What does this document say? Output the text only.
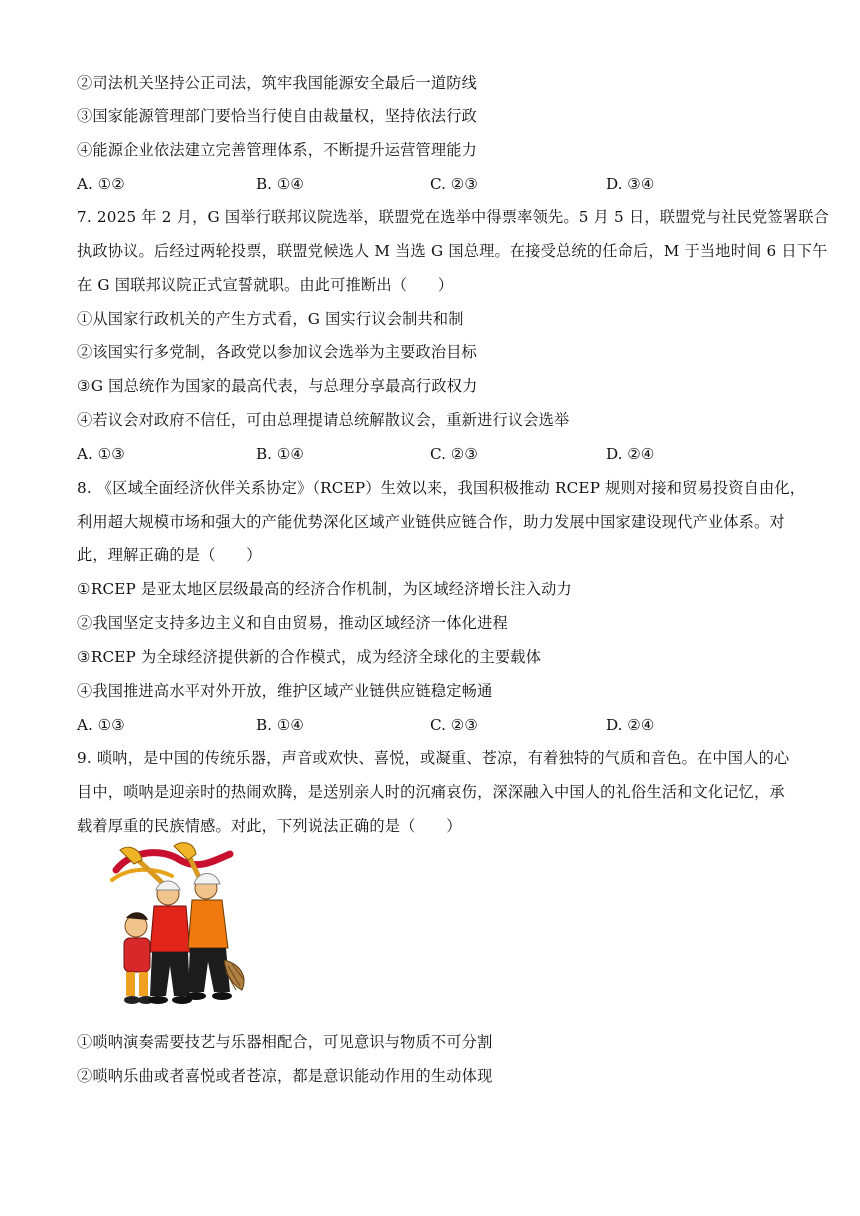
②司法机关坚持公正司法，筑牢我国能源安全最后一道防线
③国家能源管理部门要恰当行使自由裁量权，坚持依法行政
④能源企业依法建立完善管理体系，不断提升运营管理能力
A. ①②	B. ①④	C. ②③	D. ③④
7. 2025 年 2 月，G 国举行联邦议院选举，联盟党在选举中得票率领先。5 月 5 日，联盟党与社民党签署联合
执政协议。后经过两轮投票，联盟党候选人 M 当选 G 国总理。在接受总统的任命后，M 于当地时间 6 日下午
在 G 国联邦议院正式宣誓就职。由此可推断出（　　）
①从国家行政机关的产生方式看，G 国实行议会制共和制
②该国实行多党制，各政党以参加议会选举为主要政治目标
③G 国总统作为国家的最高代表，与总理分享最高行政权力
④若议会对政府不信任，可由总理提请总统解散议会，重新进行议会选举
A. ①③	B. ①④	C. ②③	D. ②④
8. 《区域全面经济伙伴关系协定》（RCEP）生效以来，我国积极推动 RCEP 规则对接和贸易投资自由化，
利用超大规模市场和强大的产能优势深化区域产业链供应链合作，助力发展中国家建设现代产业体系。对
此，理解正确的是（　　）
①RCEP 是亚太地区层级最高的经济合作机制，为区域经济增长注入动力
②我国坚定支持多边主义和自由贸易，推动区域经济一体化进程
③RCEP 为全球经济提供新的合作模式，成为经济全球化的主要载体
④我国推进高水平对外开放，维护区域产业链供应链稳定畅通
A. ①③	B. ①④	C. ②③	D. ②④
9. 唢呐，是中国的传统乐器，声音或欢快、喜悦，或凝重、苍凉，有着独特的气质和音色。在中国人的心
目中，唢呐是迎亲时的热闹欢腾，是送别亲人时的沉痛哀伤，深深融入中国人的礼俗生活和文化记忆，承
载着厚重的民族情感。对此，下列说法正确的是（　　）
①唢呐演奏需要技艺与乐器相配合，可见意识与物质不可分割
②唢呐乐曲或者喜悦或者苍凉，都是意识能动作用的生动体现
